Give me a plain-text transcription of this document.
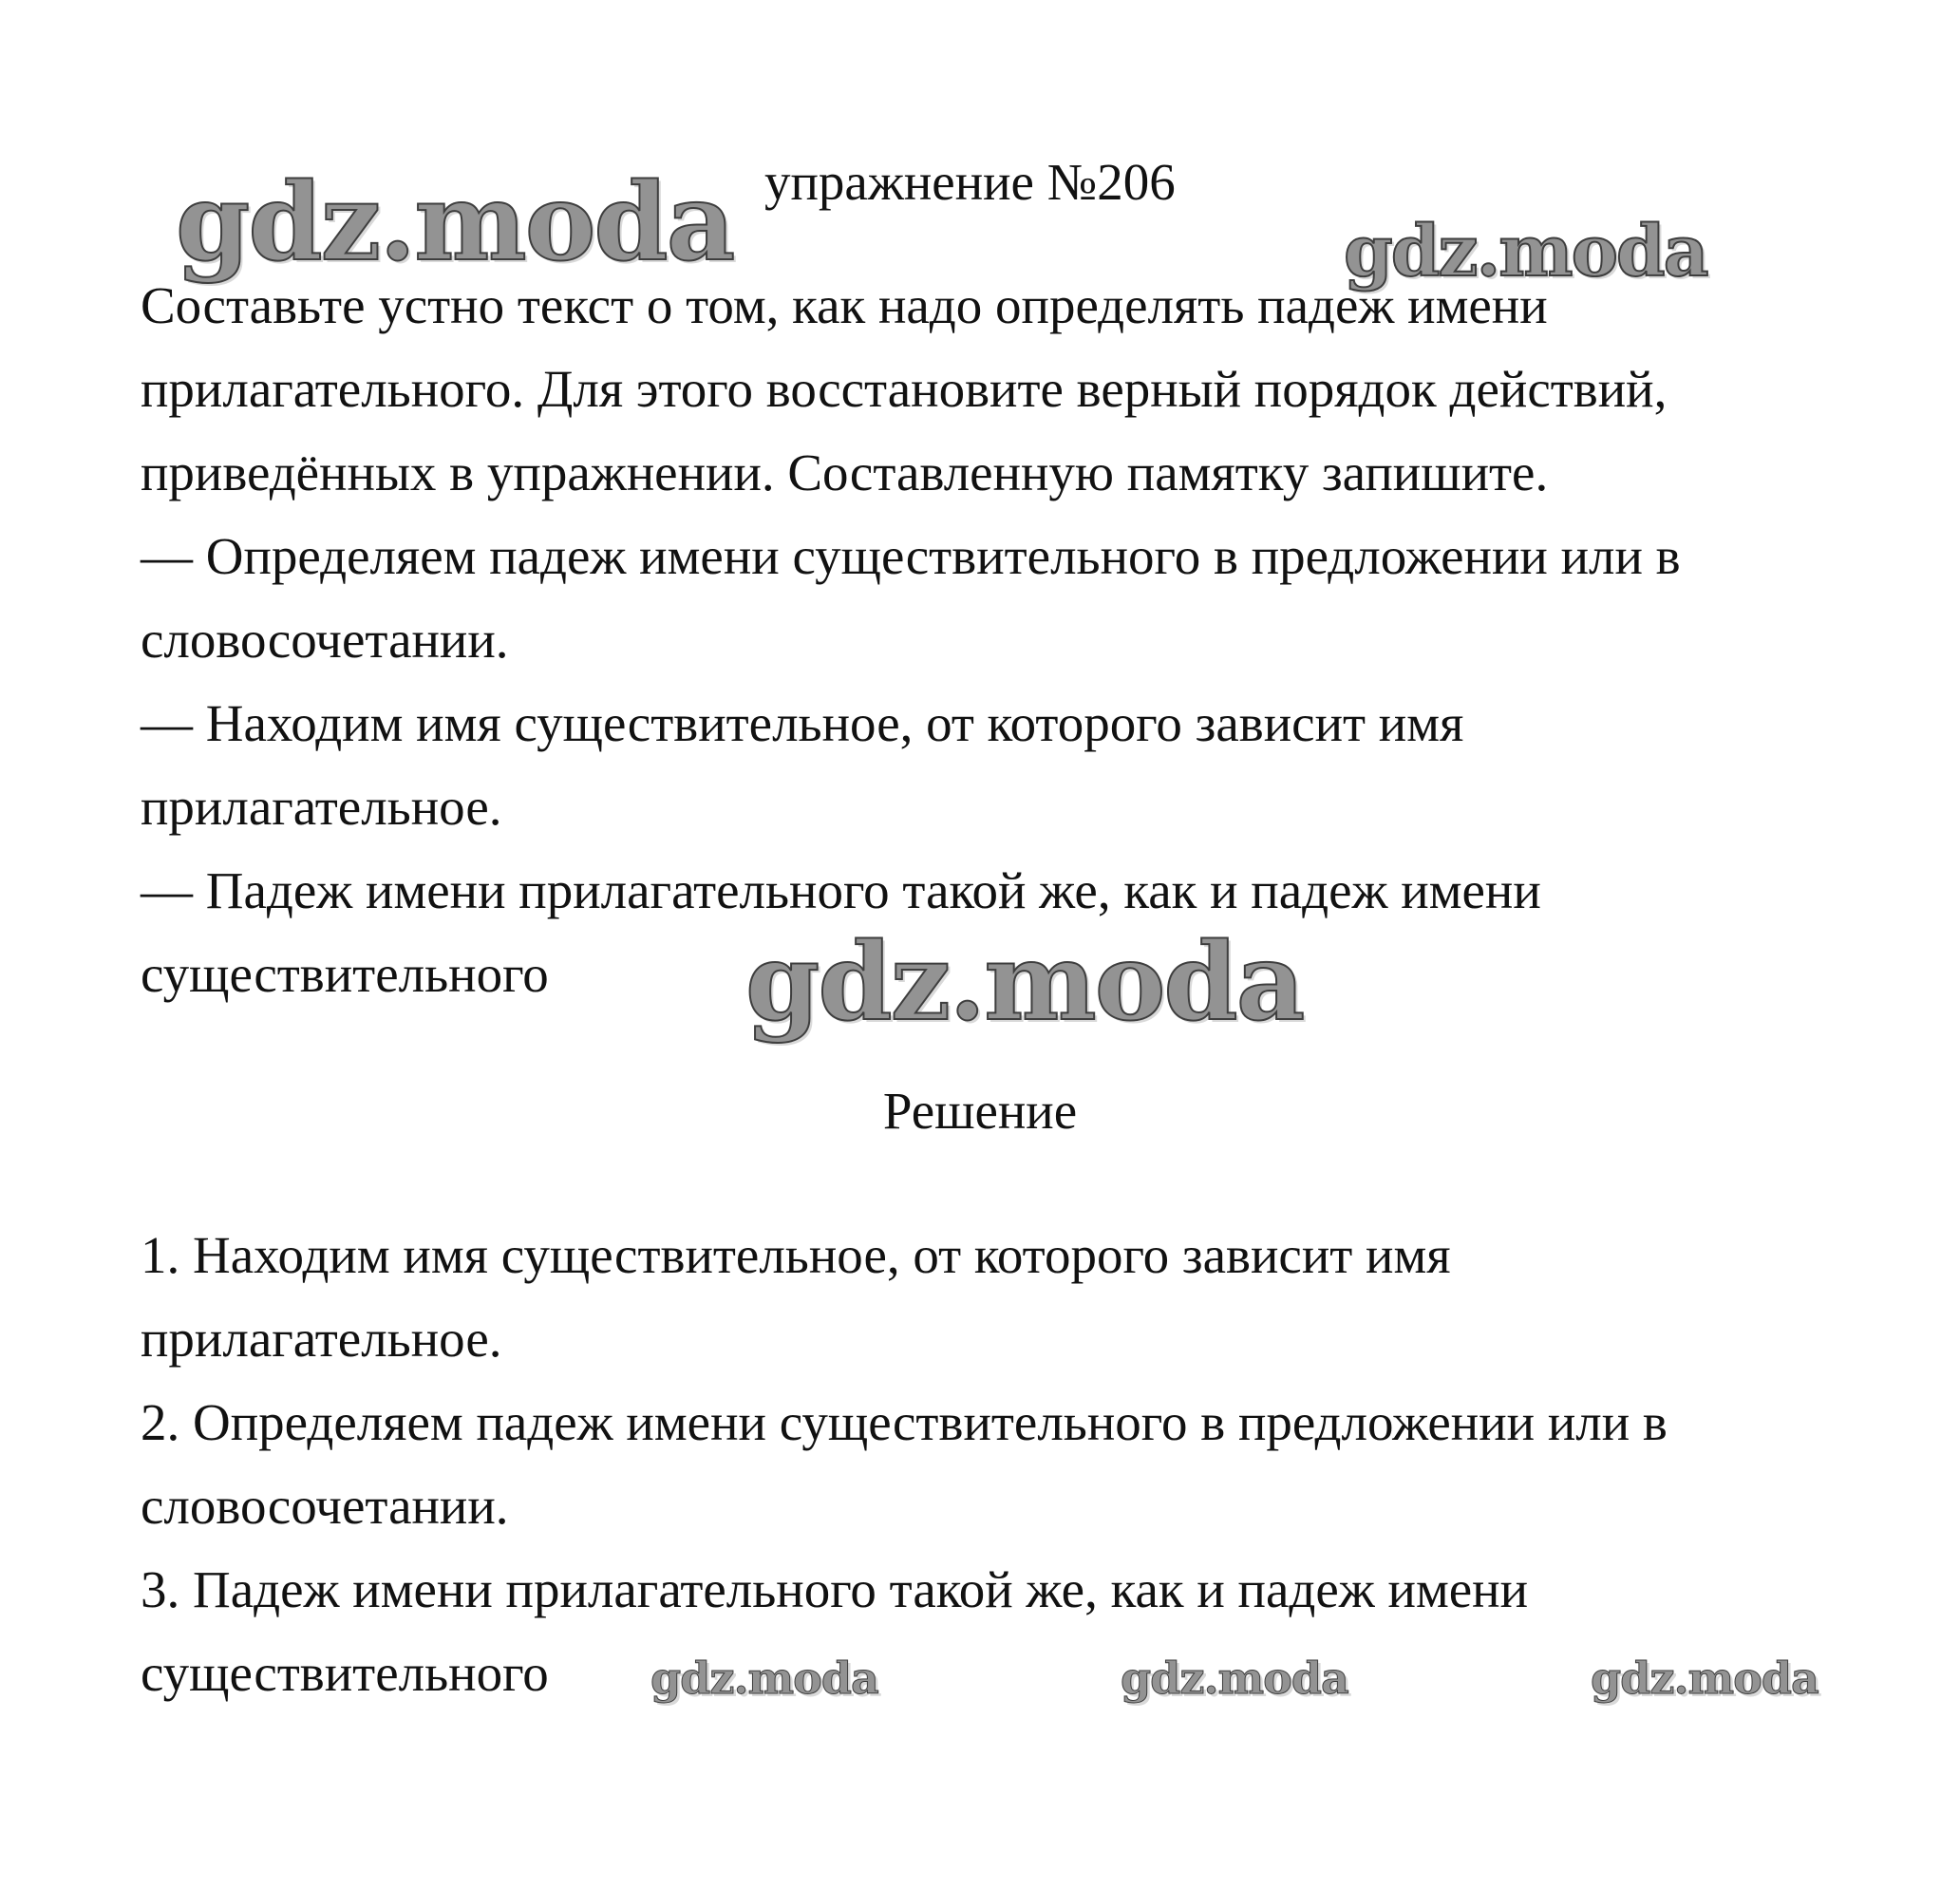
упражнение №206
Составьте устно текст о том, как надо определять падеж имени
прилагательного. Для этого восстановите верный порядок действий,
приведённых в упражнении. Составленную памятку запишите.
— Определяем падеж имени существительного в предложении или в
словосочетании.
— Находим имя существительное, от которого зависит имя
прилагательное.
— Падеж имени прилагательного такой же, как и падеж имени
существительного
Решение
1. Находим имя существительное, от которого зависит имя
прилагательное.
2. Определяем падеж имени существительного в предложении или в
словосочетании.
3. Падеж имени прилагательного такой же, как и падеж имени
существительного
gdz.moda	gdz.moda
gdz.moda
gdz.moda	gdz.moda	gdz.moda
